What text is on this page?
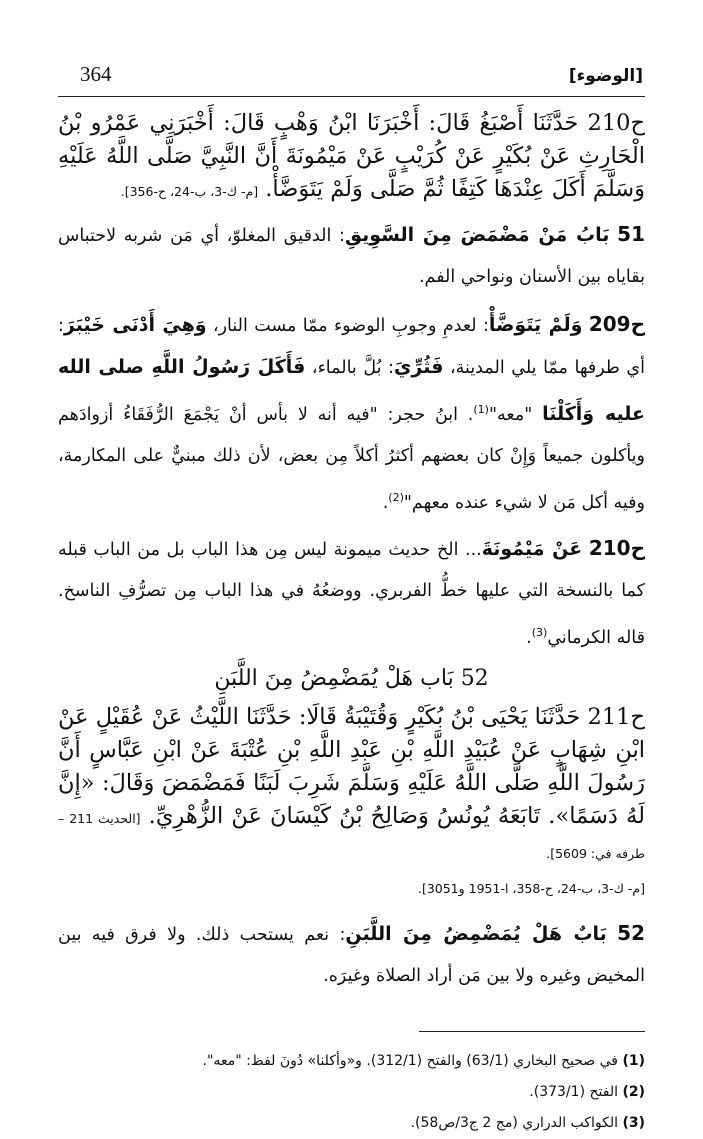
364	[الوضوء]

ح210 حَدَّثَنَا أَصْبَغُ قَالَ: أَخْبَرَنَا ابْنُ وَهْبٍ قَالَ: أَخْبَرَنِي عَمْرُو بْنُ الْحَارِثِ عَنْ بُكَيْرٍ عَنْ كُرَيْبٍ عَنْ مَيْمُونَةَ أَنَّ النَّبِيَّ صَلَّى اللَّهُ عَلَيْهِ وَسَلَّمَ أَكَلَ عِنْدَهَا كَتِفًا ثُمَّ صَلَّى وَلَمْ يَتَوَضَّأْ. [م- ك-3، ب-24، ح-356].

51 بَابُ مَنْ مَضْمَضَ مِنَ السَّوِيقِ: الدقيق المغلوّ، أي مَن شربه لاحتباس بقاياه بين الأسنان ونواحي الفم.

ح209 وَلَمْ يَتَوَضَّأْ: لعدمِ وجوبِ الوضوء ممّا مست النار، وَهِيَ أَدْنَى خَيْبَرَ: أي طرفها ممّا يلي المدينة، فَثُرِّيَ: بُلَّ بالماء، فَأَكَلَ رَسُولُ اللَّهِ صلى الله عليه وَأَكَلْنَا "معه"$^{(1)}$. ابنُ حجر: "فيه أنه لا بأس أنْ يَجْمَعَ الرُّفَقَاءُ أزوادَهم ويأكلون جميعاً وَإِنْ كان بعضهم أكثرُ أكلاً مِن بعض، لأن ذلك مبنيٌّ على المكارمة، وفيه أكل مَن لا شيء عنده معهم"$^{(2)}$.

ح210 عَنْ مَيْمُونَةَ... الخ حديث ميمونة ليس مِن هذا الباب بل من الباب قبله كما بالنسخة التي عليها خطُّ الفربري. ووضعُهُ في هذا الباب مِن تصرُّفِ الناسخ. قاله الكرماني$^{(3)}$.

52 بَاب هَلْ يُمَضْمِضُ مِنَ اللَّبَنِ

ح211 حَدَّثَنَا يَحْيَى بْنُ بُكَيْرٍ وَقُتَيْبَةُ قَالَا: حَدَّثَنَا اللَّيْثُ عَنْ عُقَيْلٍ عَنْ ابْنِ شِهَابٍ عَنْ عُبَيْدِ اللَّهِ بْنِ عَبْدِ اللَّهِ بْنِ عُتْبَةَ عَنْ ابْنِ عَبَّاسٍ أَنَّ رَسُولَ اللَّهِ صَلَّى اللَّهُ عَلَيْهِ وَسَلَّمَ شَرِبَ لَبَنًا فَمَضْمَضَ وَقَالَ: «إِنَّ لَهُ دَسَمًا». تَابَعَهُ يُونُسُ وَصَالِحُ بْنُ كَيْسَانَ عَنْ الزُّهْرِيِّ. [الحديث 211 – طرفه في: 5609].
[م- ك-3، ب-24، ح-358، ا-1951 و3051].

52 بَابٌ هَلْ يُمَضْمِضُ مِنَ اللَّبَنِ: نعم يستحب ذلك. ولا فرق فيه بين المخيض وغيره ولا بين مَن أراد الصلاة وغيرَه.

(1) في صحيح البخاري (63/1) والفتح (312/1). و«وأكلنا» دُونَ لفظ: "معه".
(2) الفتح (373/1).
(3) الكواكب الدراري (مج 2 ج3/ص58).
